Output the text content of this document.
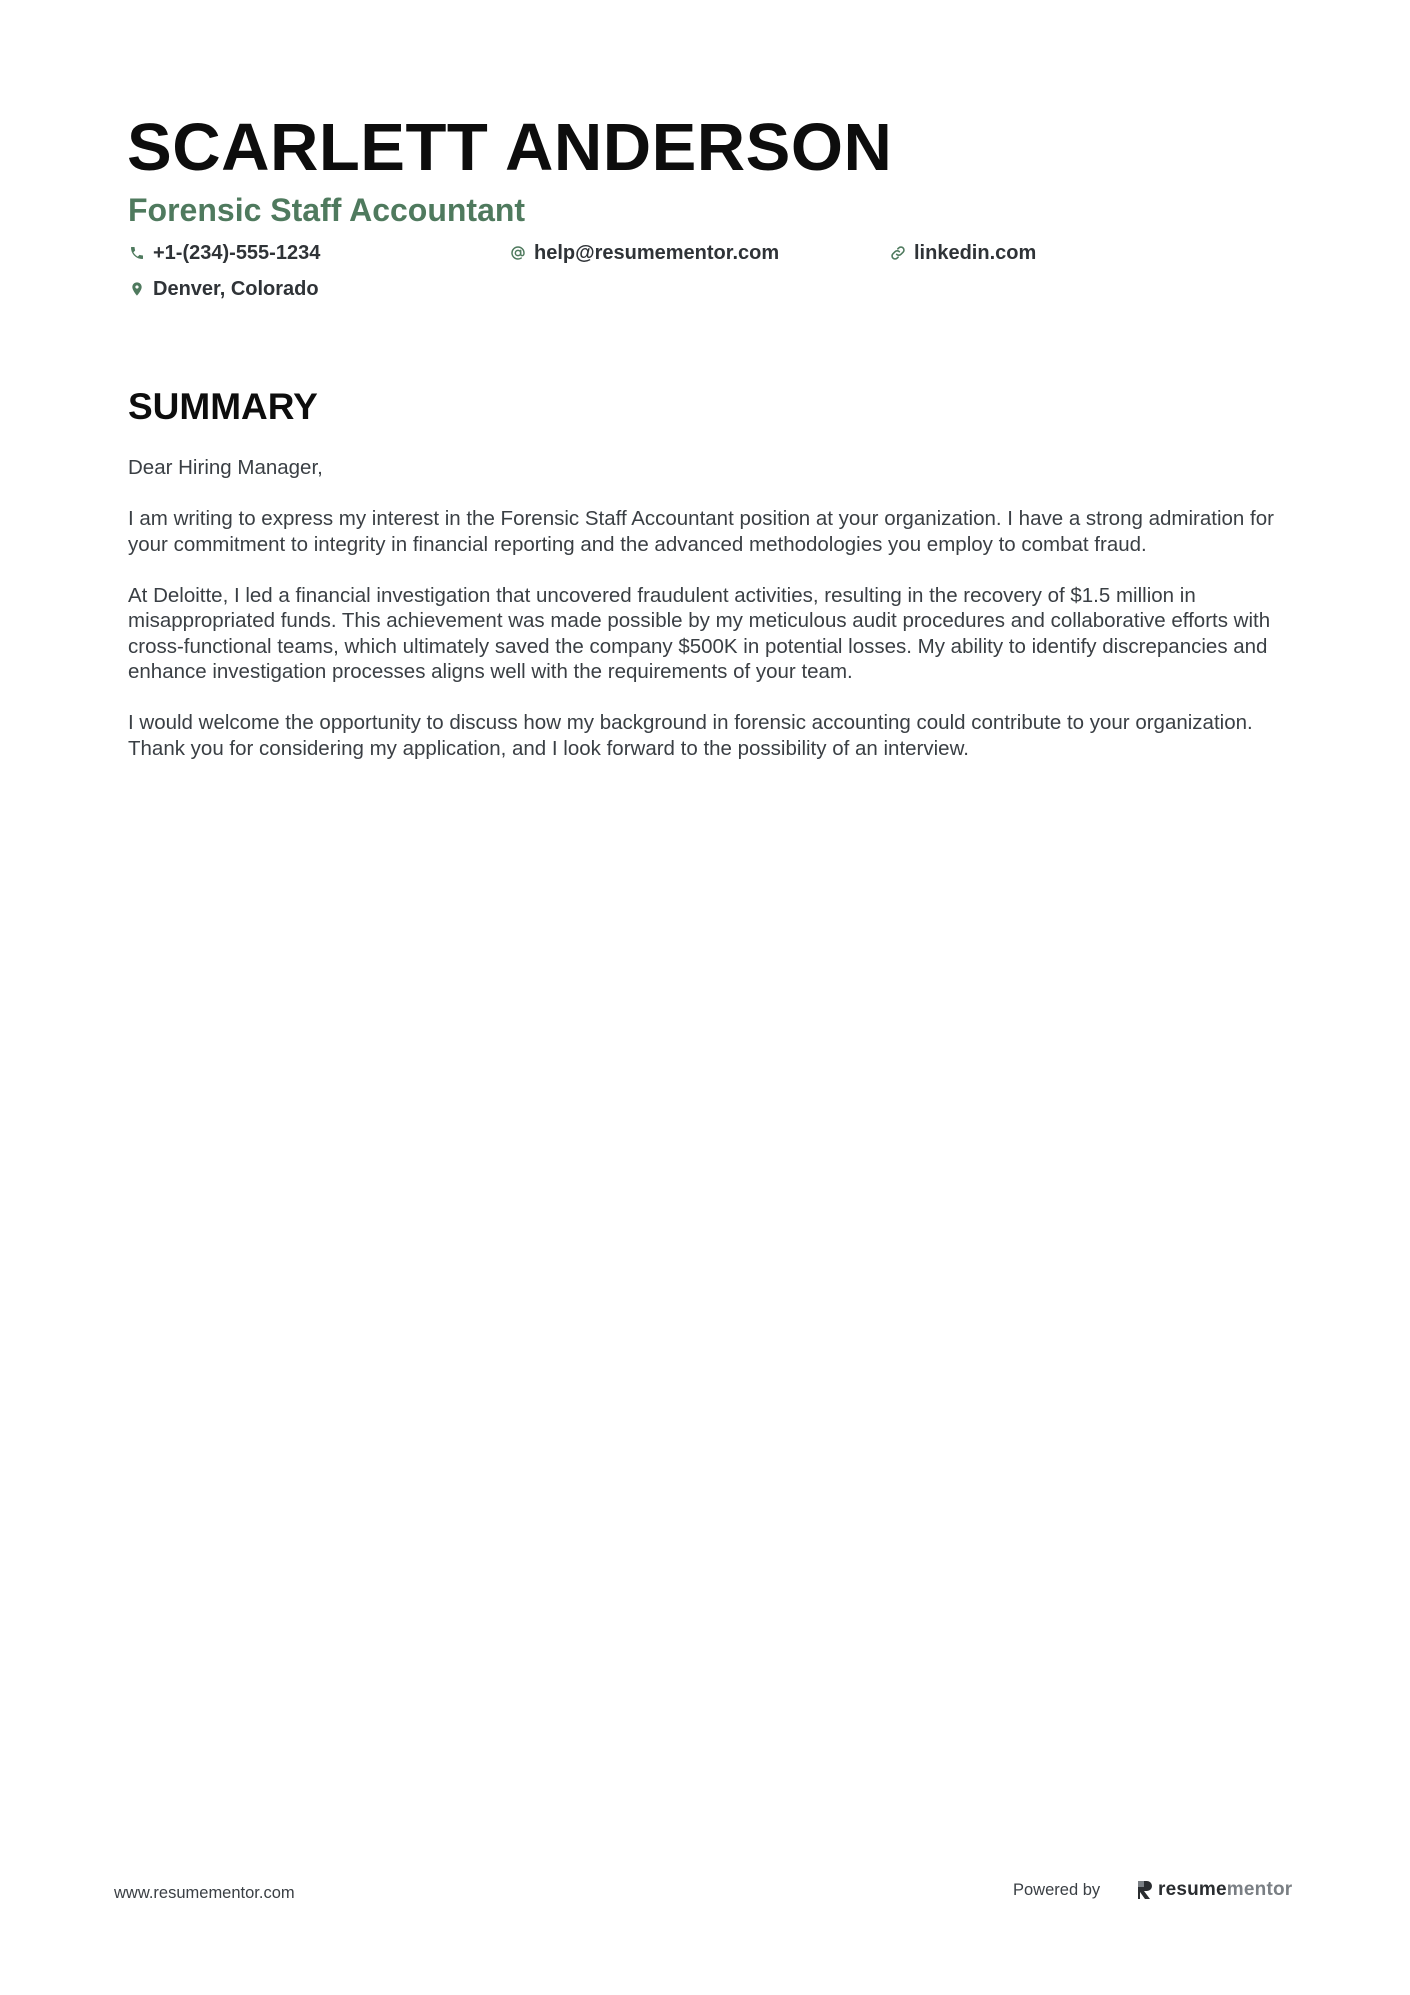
SCARLETT ANDERSON
Forensic Staff Accountant
+1-(234)-555-1234	help@resumementor.com	linkedin.com
Denver, Colorado
SUMMARY

Dear Hiring Manager,

I am writing to express my interest in the Forensic Staff Accountant position at your organization. I have a strong admiration for your commitment to integrity in financial reporting and the advanced methodologies you employ to combat fraud.

At Deloitte, I led a financial investigation that uncovered fraudulent activities, resulting in the recovery of $1.5 million in misappropriated funds. This achievement was made possible by my meticulous audit procedures and collaborative efforts with cross-functional teams, which ultimately saved the company $500K in potential losses. My ability to identify discrepancies and enhance investigation processes aligns well with the requirements of your team.

I would welcome the opportunity to discuss how my background in forensic accounting could contribute to your organization. Thank you for considering my application, and I look forward to the possibility of an interview.

www.resumementor.com	Powered by	resume mentor
